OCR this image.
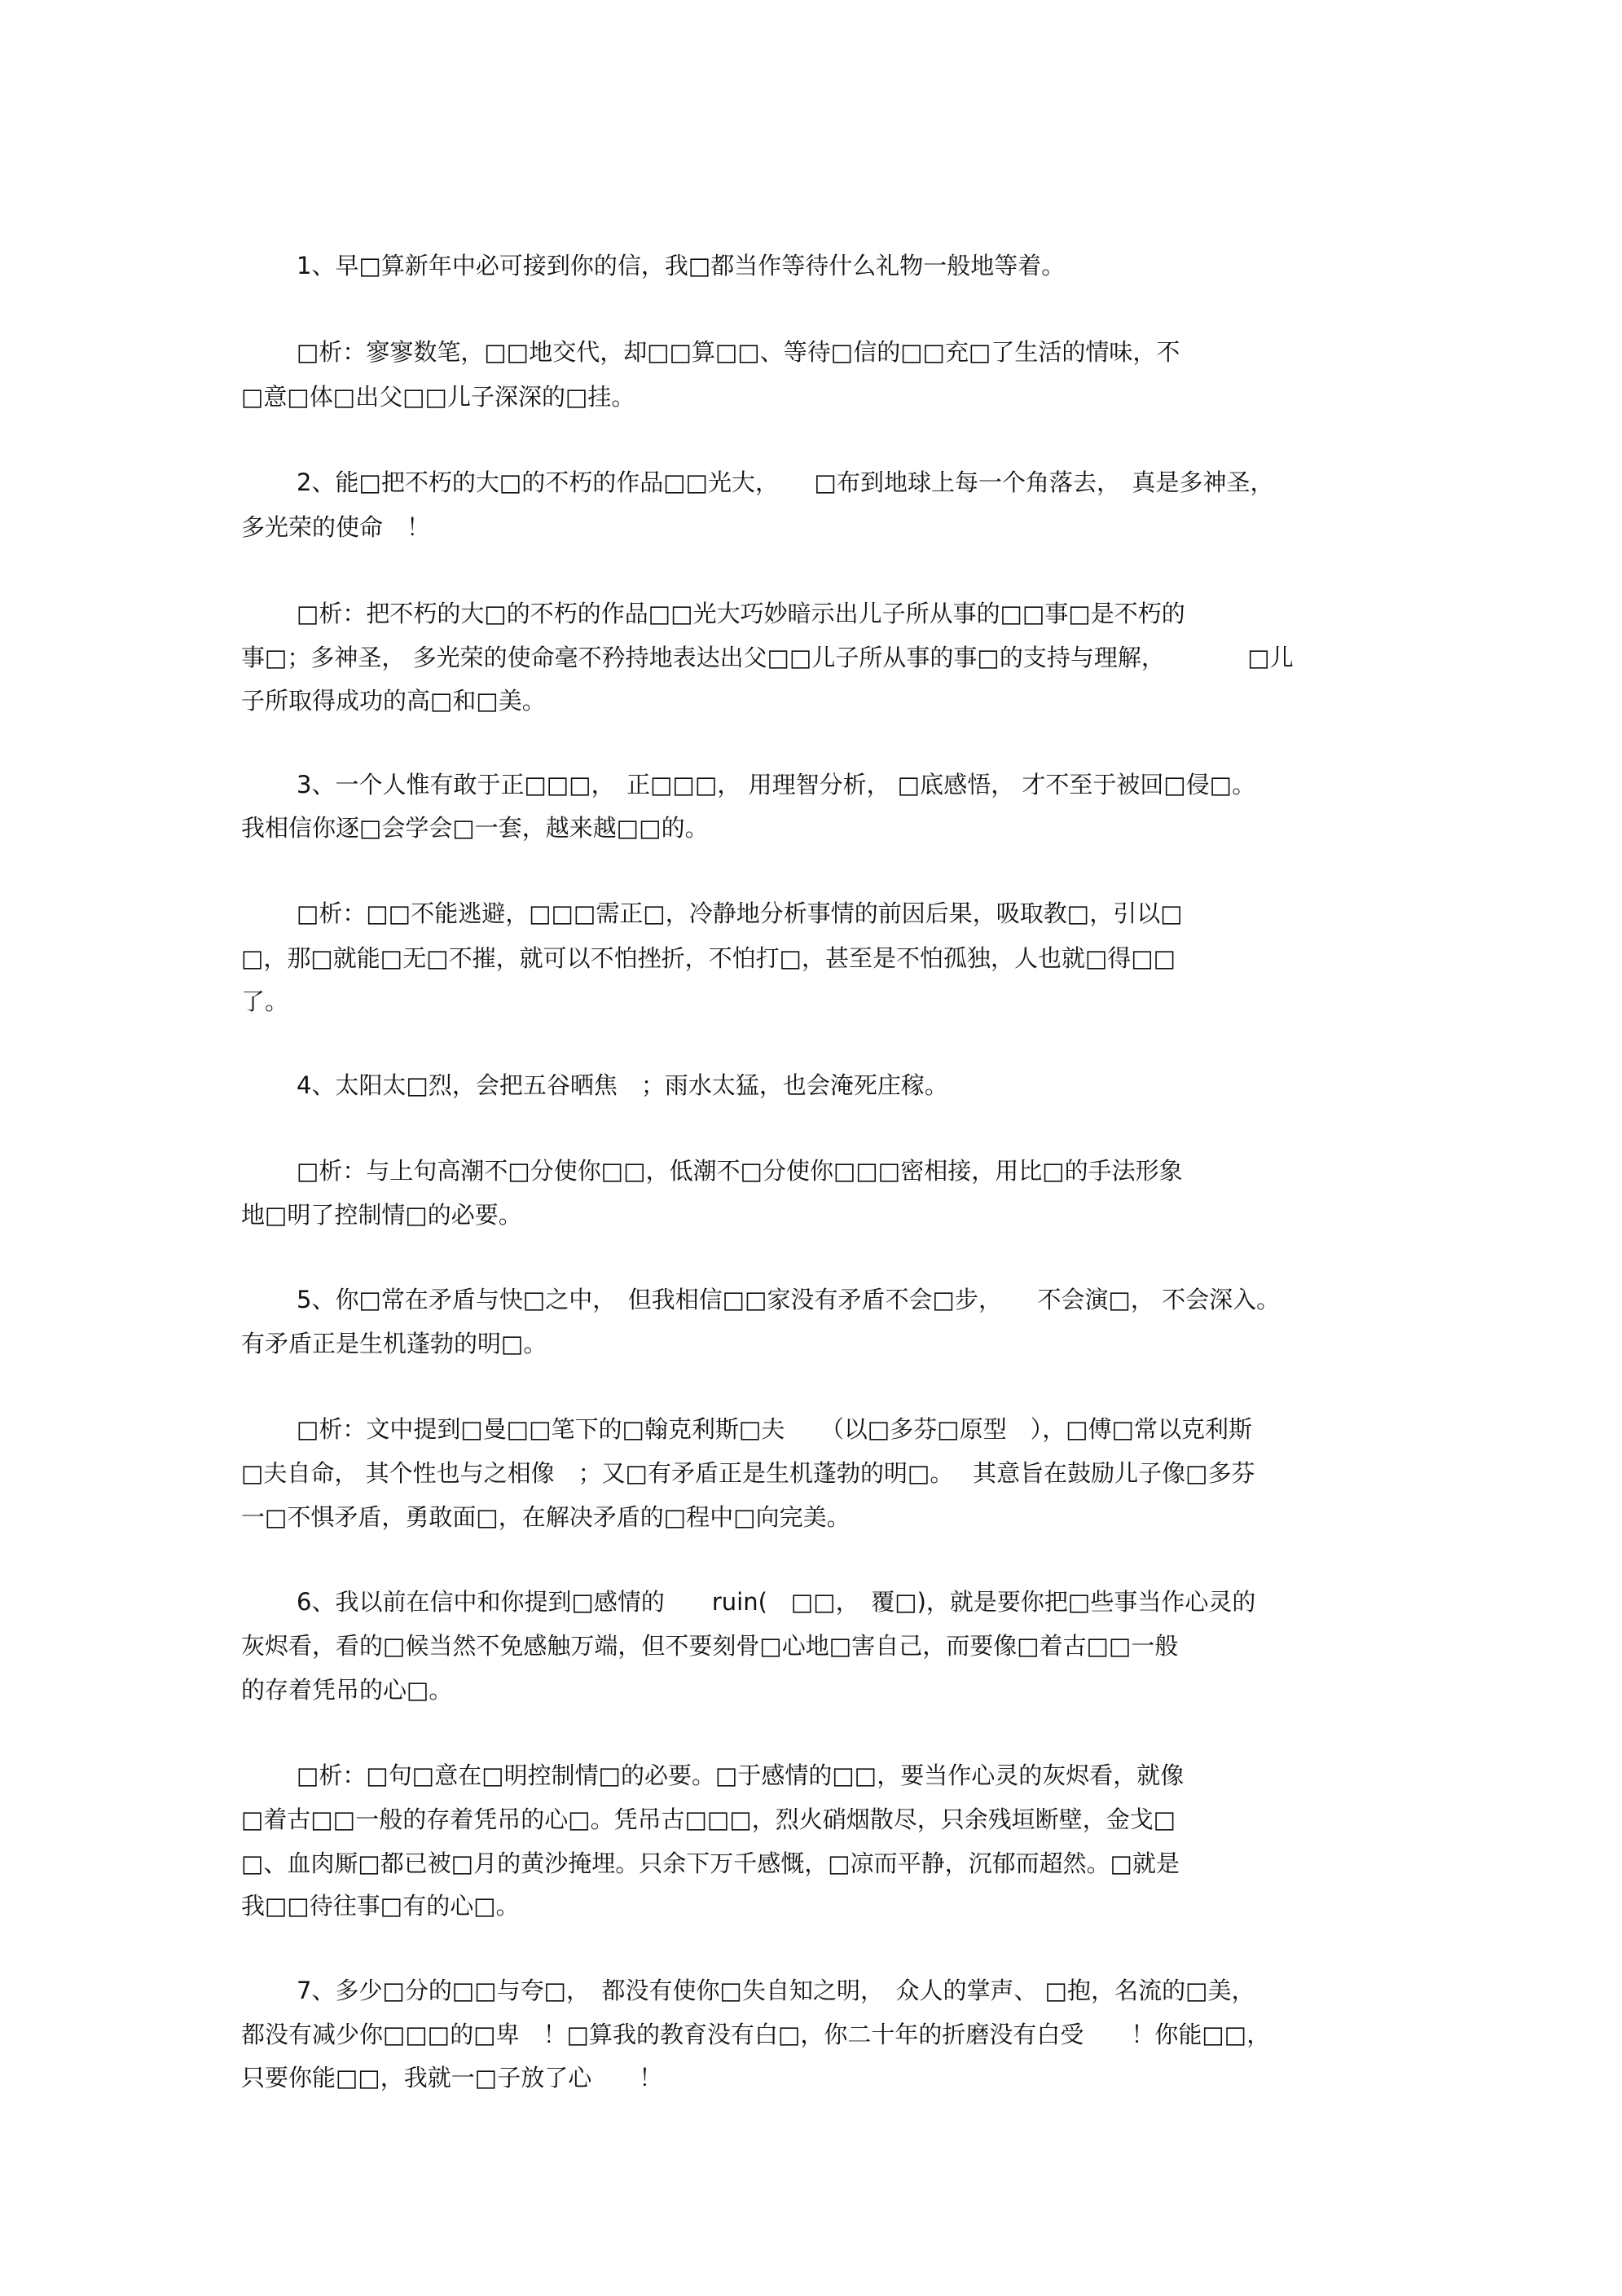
1、早□算新年中必可接到你的信，我□都当作等待什么礼物一般地等着。

□析：寥寥数笔，□□地交代，却□□算□□、等待□信的□□充□了生活的情味，不

□意□体□出父□□儿子深深的□挂。

2、能□把不朽的大□的不朽的作品□□光大，　　□布到地球上每一个角落去，　真是多神圣，

多光荣的使命　！

□析：把不朽的大□的不朽的作品□□光大巧妙暗示出儿子所从事的□□事□是不朽的

事□；多神圣， 多光荣的使命毫不矜持地表达出父□□儿子所从事的事□的支持与理解，　　　　□儿

子所取得成功的高□和□美。

3、一个人惟有敢于正□□□，　正□□□， 用理智分析， □底感悟， 才不至于被回□侵□。

我相信你逐□会学会□一套，越来越□□的。

□析：□□不能逃避，□□□需正□，冷静地分析事情的前因后果，吸取教□，引以□

□，那□就能□无□不摧，就可以不怕挫折，不怕打□，甚至是不怕孤独，人也就□得□□

了。

4、太阳太□烈，会把五谷晒焦　；雨水太猛，也会淹死庄稼。

□析：与上句高潮不□分使你□□，低潮不□分使你□□□密相接，用比□的手法形象

地□明了控制情□的必要。

5、你□常在矛盾与快□之中，　但我相信□□家没有矛盾不会□步，　　不会演□， 不会深入。

有矛盾正是生机蓬勃的明□。

□析：文中提到□曼□□笔下的□翰克利斯□夫　　（以□多芬□原型　），□傅□常以克利斯

□夫自命， 其个性也与之相像　；又□有矛盾正是生机蓬勃的明□。　 其意旨在鼓励儿子像□多芬

一□不惧矛盾，勇敢面□，在解决矛盾的□程中□向完美。

6、我以前在信中和你提到□感情的　　ruin(　□□，　覆□)，就是要你把□些事当作心灵的

灰烬看，看的□候当然不免感触万端，但不要刻骨□心地□害自己，而要像□着古□□一般

的存着凭吊的心□。

□析：□句□意在□明控制情□的必要。□于感情的□□，要当作心灵的灰烬看，就像

□着古□□一般的存着凭吊的心□。凭吊古□□□，烈火硝烟散尽，只余残垣断壁，金戈□

□、血肉厮□都已被□月的黄沙掩埋。只余下万千感慨，□凉而平静，沉郁而超然。□就是

我□□待往事□有的心□。

7、多少□分的□□与夸□，　都没有使你□失自知之明，　众人的掌声、 □抱，名流的□美，

都没有减少你□□□的□卑　！□算我的教育没有白□，你二十年的折磨没有白受　　！你能□□，

只要你能□□，我就一□子放了心　　！
